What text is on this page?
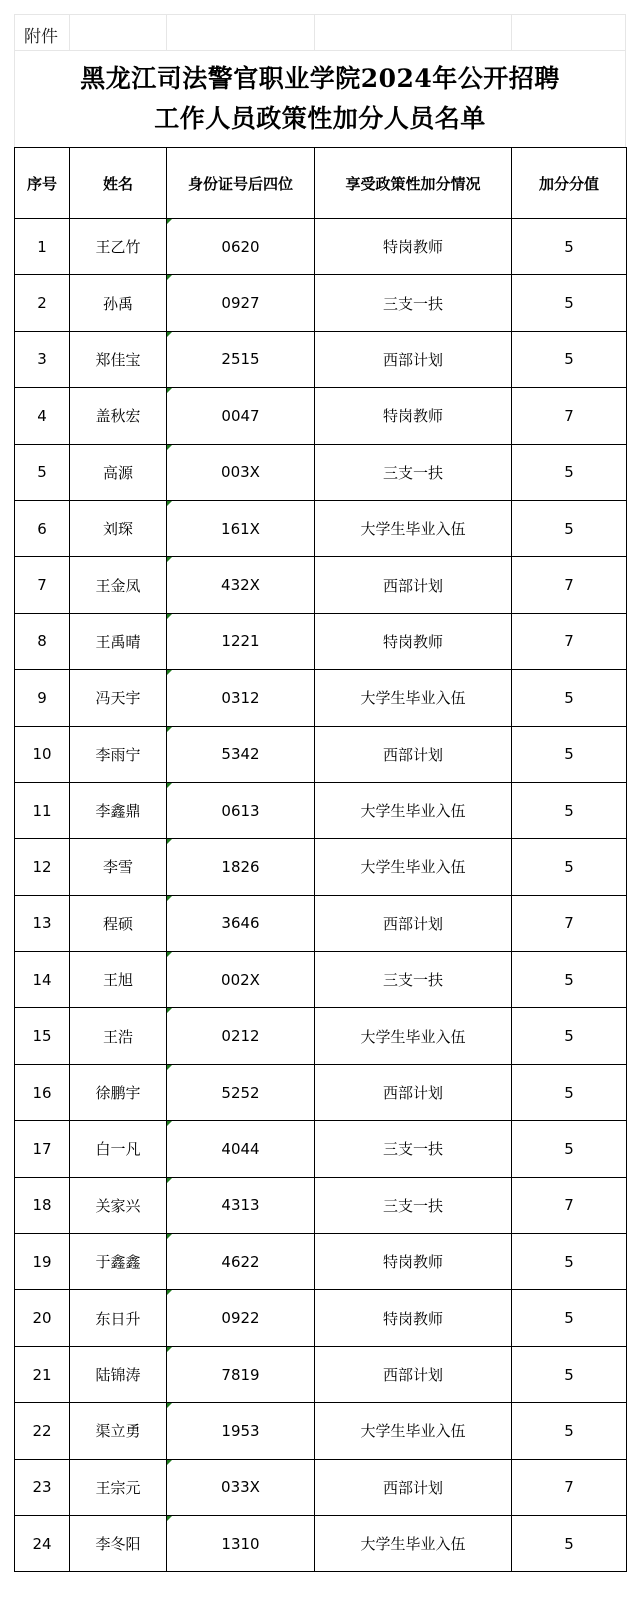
附件
黑龙江司法警官职业学院2024年公开招聘
工作人员政策性加分人员名单
序号	姓名	身份证号后四位	享受政策性加分情况	加分分值
1	王乙竹	0620	特岗教师	5
2	孙禹	0927	三支一扶	5
3	郑佳宝	2515	西部计划	5
4	盖秋宏	0047	特岗教师	7
5	高源	003X	三支一扶	5
6	刘琛	161X	大学生毕业入伍	5
7	王金凤	432X	西部计划	7
8	王禹晴	1221	特岗教师	7
9	冯天宇	0312	大学生毕业入伍	5
10	李雨宁	5342	西部计划	5
11	李鑫鼎	0613	大学生毕业入伍	5
12	李雪	1826	大学生毕业入伍	5
13	程硕	3646	西部计划	7
14	王旭	002X	三支一扶	5
15	王浩	0212	大学生毕业入伍	5
16	徐鹏宇	5252	西部计划	5
17	白一凡	4044	三支一扶	5
18	关家兴	4313	三支一扶	7
19	于鑫鑫	4622	特岗教师	5
20	东日升	0922	特岗教师	5
21	陆锦涛	7819	西部计划	5
22	渠立勇	1953	大学生毕业入伍	5
23	王宗元	033X	西部计划	7
24	李冬阳	1310	大学生毕业入伍	5
